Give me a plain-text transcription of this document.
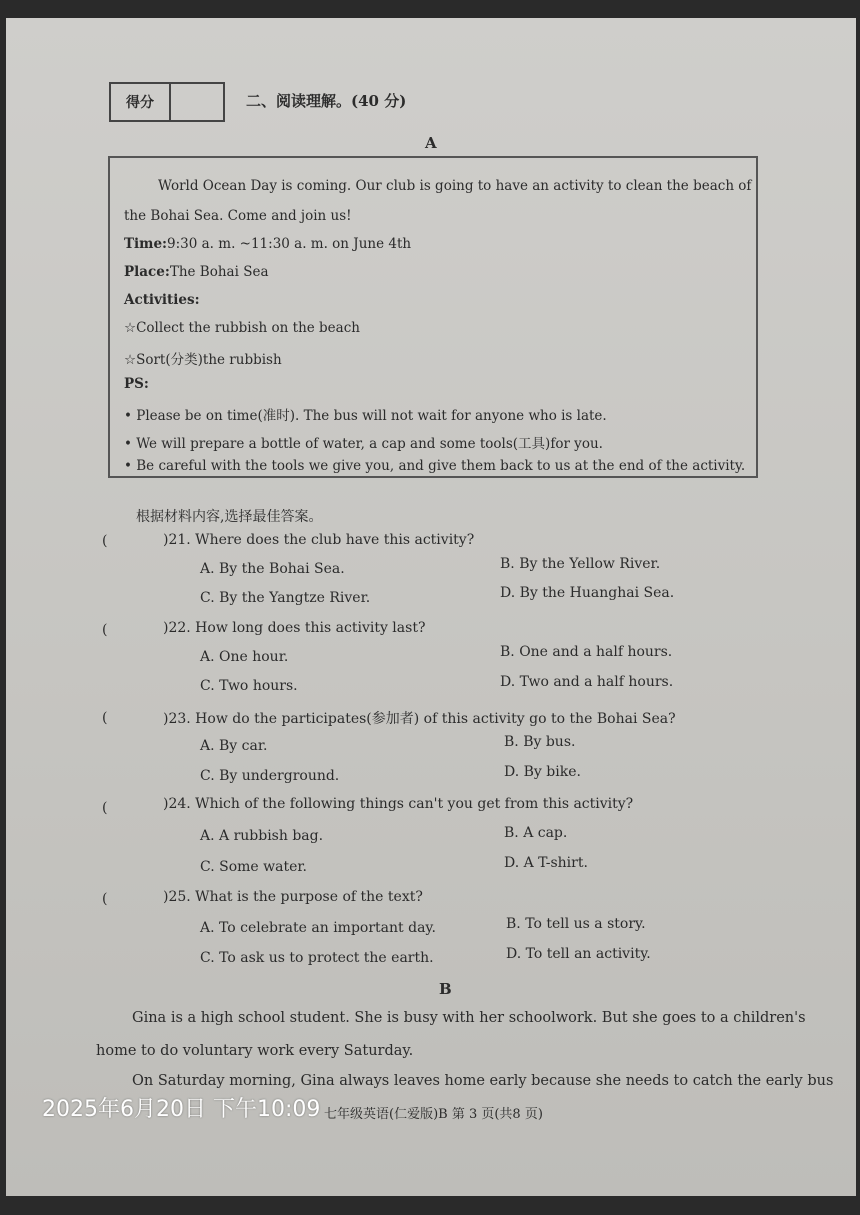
得分	二、阅读理解。(40 分)
A
World Ocean Day is coming. Our club is going to have an activity to clean the beach of
the Bohai Sea. Come and join us!
Time:9:30 a. m. ~11:30 a. m. on June 4th
Place:The Bohai Sea
Activities:
☆Collect the rubbish on the beach
☆Sort(分类)the rubbish
PS:
• Please be on time(准时). The bus will not wait for anyone who is late.
• We will prepare a bottle of water, a cap and some tools(工具)for you.
• Be careful with the tools we give you, and give them back to us at the end of the activity.
根据材料内容,选择最佳答案。
(	)21. Where does the club have this activity?
A. By the Bohai Sea.	B. By the Yellow River.
C. By the Yangtze River.	D. By the Huanghai Sea.
(	)22. How long does this activity last?
A. One hour.	B. One and a half hours.
C. Two hours.	D. Two and a half hours.
(	)23. How do the participates(参加者) of this activity go to the Bohai Sea?
A. By car.	B. By bus.
C. By underground.	D. By bike.
(	)24. Which of the following things can't you get from this activity?
A. A rubbish bag.	B. A cap.
C. Some water.	D. A T-shirt.
(	)25. What is the purpose of the text?
A. To celebrate an important day.	B. To tell us a story.
C. To ask us to protect the earth.	D. To tell an activity.
B
Gina is a high school student. She is busy with her schoolwork. But she goes to a children's
home to do voluntary work every Saturday.
On Saturday morning, Gina always leaves home early because she needs to catch the early bus
七年级英语(仁爱版)B 第 3 页(共8 页)
2025年6月20日 下午10:09
